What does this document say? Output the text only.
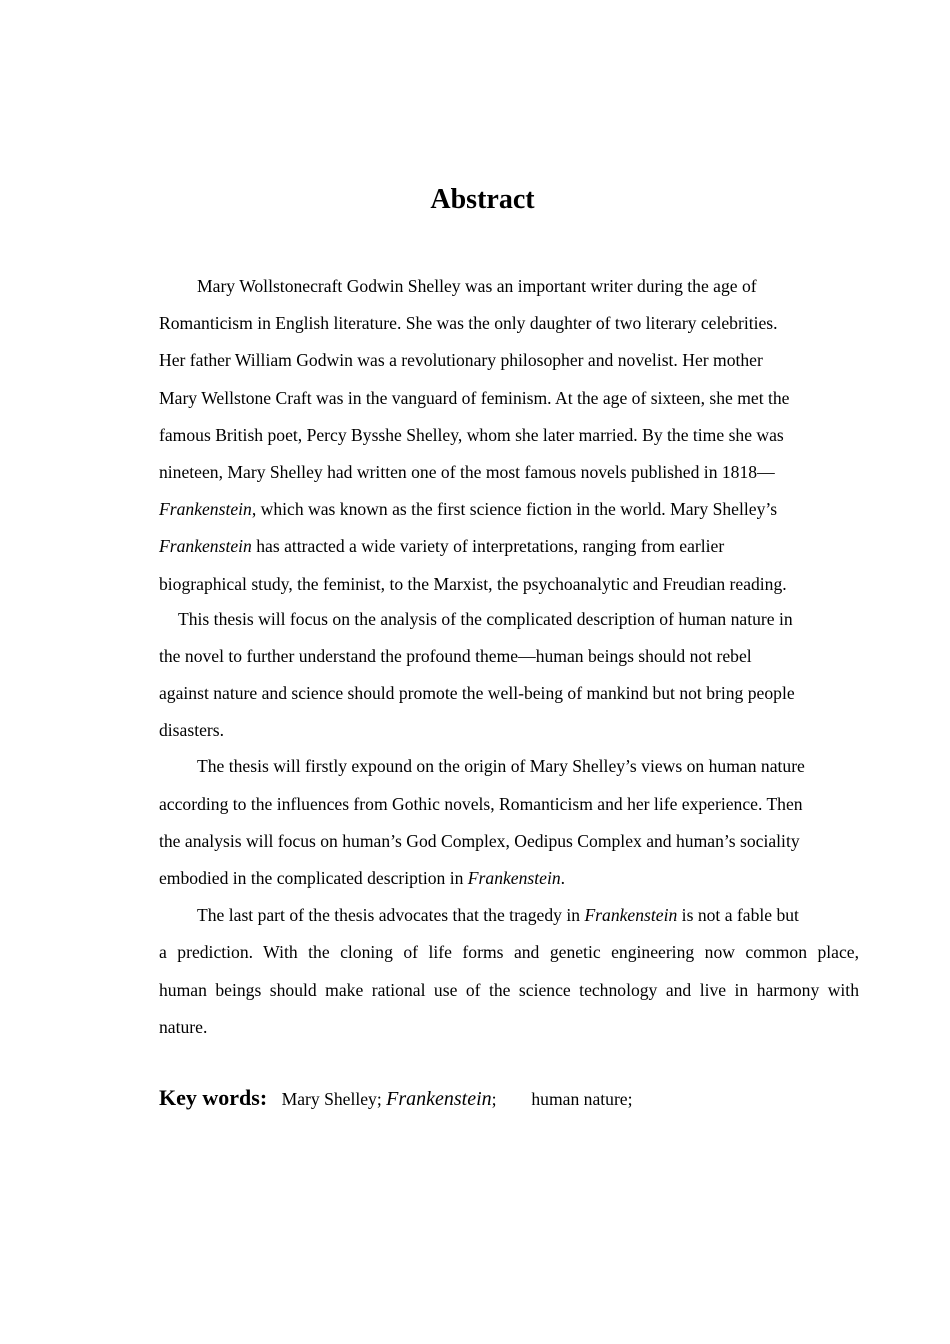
Abstract
Mary Wollstonecraft Godwin Shelley was an important writer during the age of
Romanticism in English literature. She was the only daughter of two literary celebrities.
Her father William Godwin was a revolutionary philosopher and novelist. Her mother
Mary Wellstone Craft was in the vanguard of feminism. At the age of sixteen, she met the
famous British poet, Percy Bysshe Shelley, whom she later married. By the time she was
nineteen, Mary Shelley had written one of the most famous novels published in 1818—
Frankenstein, which was known as the first science fiction in the world. Mary Shelley’s
Frankenstein has attracted a wide variety of interpretations, ranging from earlier
biographical study, the feminist, to the Marxist, the psychoanalytic and Freudian reading.
This thesis will focus on the analysis of the complicated description of human nature in
the novel to further understand the profound theme—human beings should not rebel
against nature and science should promote the well-being of mankind but not bring people
disasters.
The thesis will firstly expound on the origin of Mary Shelley’s views on human nature
according to the influences from Gothic novels, Romanticism and her life experience. Then
the analysis will focus on human’s God Complex, Oedipus Complex and human’s sociality
embodied in the complicated description in Frankenstein.
The last part of the thesis advocates that the tragedy in Frankenstein is not a fable but
a prediction. With the cloning of life forms and genetic engineering now common place,
human beings should make rational use of the science technology and live in harmony with
nature.
Key words: Mary Shelley; Frankenstein; human nature;
